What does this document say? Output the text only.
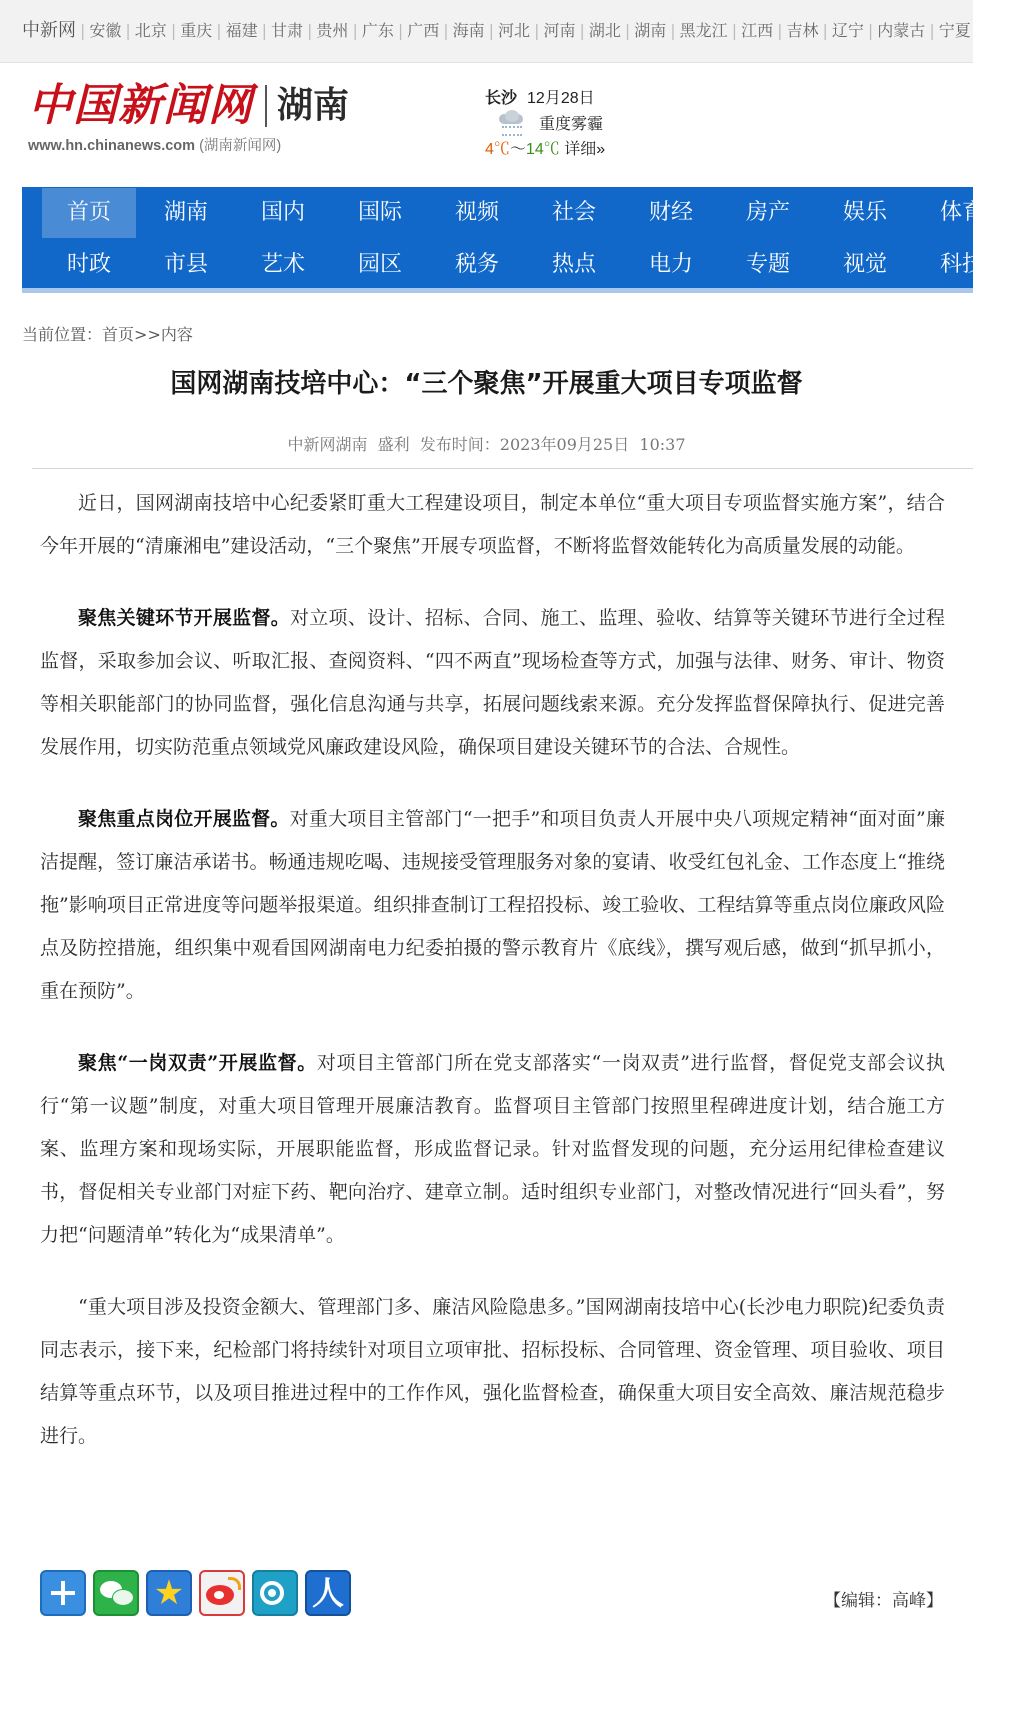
中新网 | 安徽 | 北京 | 重庆 | 福建 | 甘肃 | 贵州 | 广东 | 广西 | 海南 | 河北 | 河南 | 湖北 | 湖南 | 黑龙江 | 江西 | 吉林 | 辽宁 | 内蒙古 | 宁夏
中国新闻网 湖南
www.hn.chinanews.com (湖南新闻网)
长沙 12月28日
重度雾霾
4℃～14℃ 详细»
首页	湖南	国内	国际	视频	社会	财经	房产	娱乐	体育
时政	市县	艺术	园区	税务	热点	电力	专题	视觉	科技
当前位置：首页>>内容
国网湖南技培中心：“三个聚焦”开展重大项目专项监督
中新网湖南  盛利  发布时间：2023年09月25日  10:37

近日，国网湖南技培中心纪委紧盯重大工程建设项目，制定本单位“重大项目专项监督实施方案”，结合今年开展的“清廉湘电”建设活动，“三个聚焦”开展专项监督，不断将监督效能转化为高质量发展的动能。

聚焦关键环节开展监督。对立项、设计、招标、合同、施工、监理、验收、结算等关键环节进行全过程监督，采取参加会议、听取汇报、查阅资料、“四不两直”现场检查等方式，加强与法律、财务、审计、物资等相关职能部门的协同监督，强化信息沟通与共享，拓展问题线索来源。充分发挥监督保障执行、促进完善发展作用，切实防范重点领域党风廉政建设风险，确保项目建设关键环节的合法、合规性。

聚焦重点岗位开展监督。对重大项目主管部门“一把手”和项目负责人开展中央八项规定精神“面对面”廉洁提醒，签订廉洁承诺书。畅通违规吃喝、违规接受管理服务对象的宴请、收受红包礼金、工作态度上“推绕拖”影响项目正常进度等问题举报渠道。组织排查制订工程招投标、竣工验收、工程结算等重点岗位廉政风险点及防控措施，组织集中观看国网湖南电力纪委拍摄的警示教育片《底线》，撰写观后感，做到“抓早抓小，重在预防”。

聚焦“一岗双责”开展监督。对项目主管部门所在党支部落实“一岗双责”进行监督，督促党支部会议执行“第一议题”制度，对重大项目管理开展廉洁教育。监督项目主管部门按照里程碑进度计划，结合施工方案、监理方案和现场实际，开展职能监督，形成监督记录。针对监督发现的问题，充分运用纪律检查建议书，督促相关专业部门对症下药、靶向治疗、建章立制。适时组织专业部门，对整改情况进行“回头看”，努力把“问题清单”转化为“成果清单”。

“重大项目涉及投资金额大、管理部门多、廉洁风险隐患多。”国网湖南技培中心(长沙电力职院)纪委负责同志表示，接下来，纪检部门将持续针对项目立项审批、招标投标、合同管理、资金管理、项目验收、项目结算等重点环节，以及项目推进过程中的工作作风，强化监督检查，确保重大项目安全高效、廉洁规范稳步进行。

★	人	【编辑：高峰】
